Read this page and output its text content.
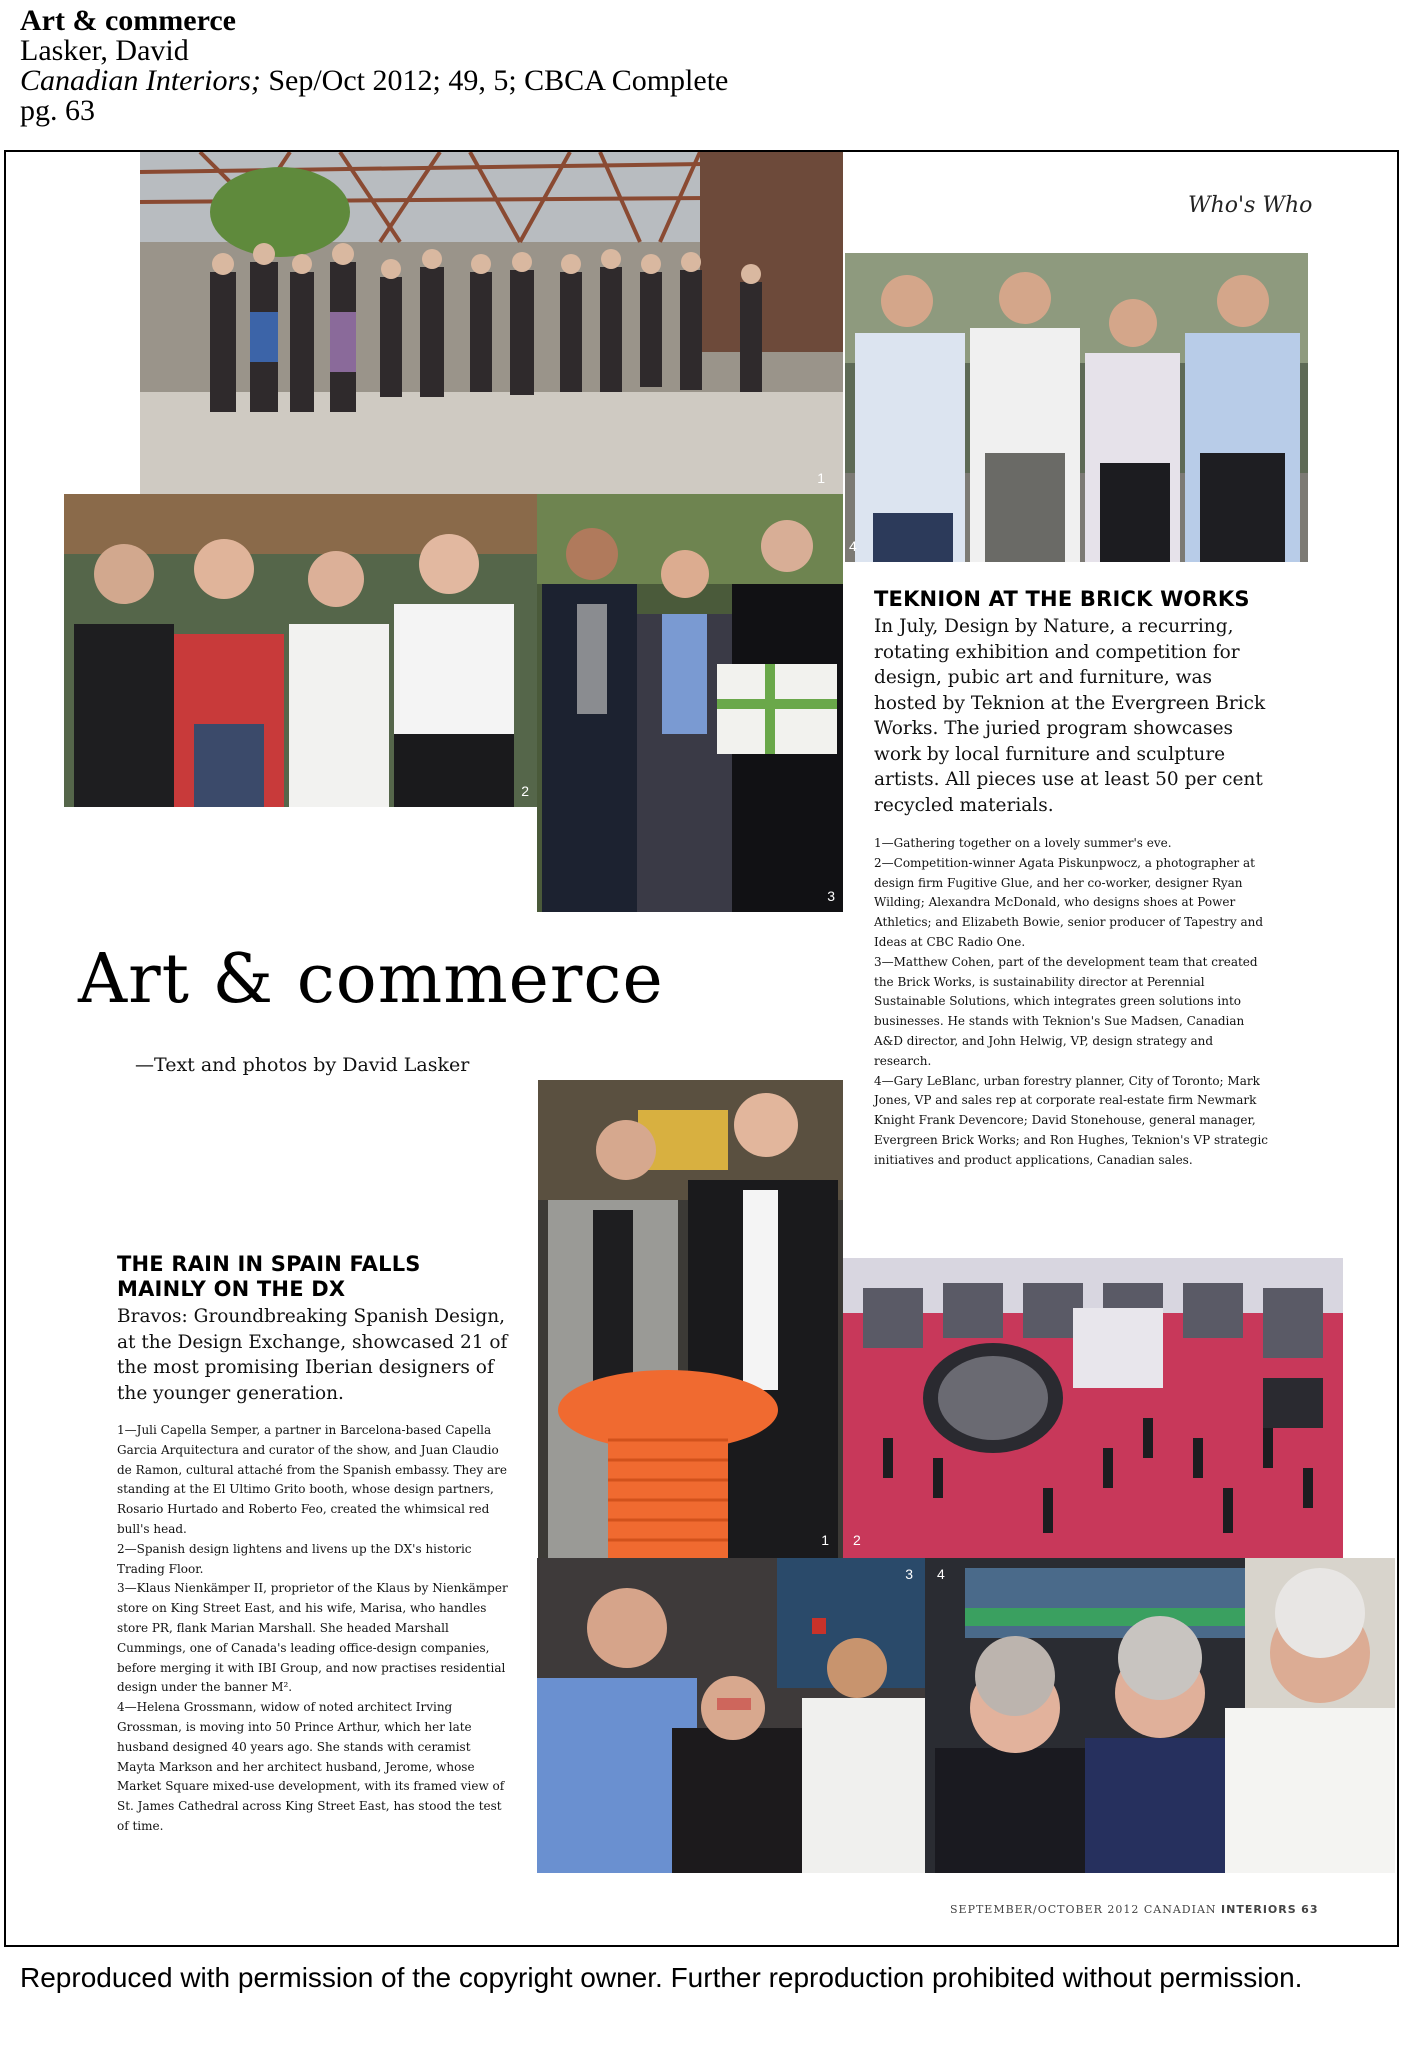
Art & commerce
Lasker, David
Canadian Interiors; Sep/Oct 2012; 49, 5; CBCA Complete
pg. 63
1
4
2
3
Who's Who
TEKNION AT THE BRICK WORKS
In July, Design by Nature, a recurring, rotating exhibition and competition for design, pubic art and furniture, was hosted by Teknion at the Evergreen Brick Works. The juried program showcases work by local furniture and sculpture artists. All pieces use at least 50 per cent recycled materials.

1—Gathering together on a lovely summer's eve.

2—Competition-winner Agata Piskunpwocz, a photographer at design firm Fugitive Glue, and her co-worker, designer Ryan Wilding; Alexandra McDonald, who designs shoes at Power Athletics; and Elizabeth Bowie, senior producer of Tapestry and Ideas at CBC Radio One.

3—Matthew Cohen, part of the development team that created the Brick Works, is sustainability director at Perennial Sustainable Solutions, which integrates green solutions into businesses. He stands with Teknion's Sue Madsen, Canadian A&D director, and John Helwig, VP, design strategy and research.

4—Gary LeBlanc, urban forestry planner, City of Toronto; Mark Jones, VP and sales rep at corporate real-estate firm Newmark Knight Frank Devencore; David Stonehouse, general manager, Evergreen Brick Works; and Ron Hughes, Teknion's VP strategic initiatives and product applications, Canadian sales.

Art & commerce
—Text and photos by David Lasker
1 2
THE RAIN IN SPAIN FALLS
MAINLY ON THE DX
Bravos: Groundbreaking Spanish Design, at the Design Exchange, showcased 21 of the most promising Iberian designers of the younger generation.

1—Juli Capella Semper, a partner in Barcelona-based Capella Garcia Arquitectura and curator of the show, and Juan Claudio de Ramon, cultural attaché from the Spanish embassy. They are standing at the El Ultimo Grito booth, whose design partners, Rosario Hurtado and Roberto Feo, created the whimsical red bull's head.

2—Spanish design lightens and livens up the DX's historic Trading Floor.

3—Klaus Nienkämper II, proprietor of the Klaus by Nienkämper store on King Street East, and his wife, Marisa, who handles store PR, flank Marian Marshall. She headed Marshall Cummings, one of Canada's leading office-design companies, before merging it with IBI Group, and now practises residential design under the banner M².

4—Helena Grossmann, widow of noted architect Irving Grossman, is moving into 50 Prince Arthur, which her late husband designed 40 years ago. She stands with ceramist Mayta Markson and her architect husband, Jerome, whose Market Square mixed-use development, with its framed view of St. James Cathedral across King Street East, has stood the test of time.

3 4
SEPTEMBER/OCTOBER 2012 CANADIAN INTERIORS 63
Reproduced with permission of the copyright owner. Further reproduction prohibited without permission.
